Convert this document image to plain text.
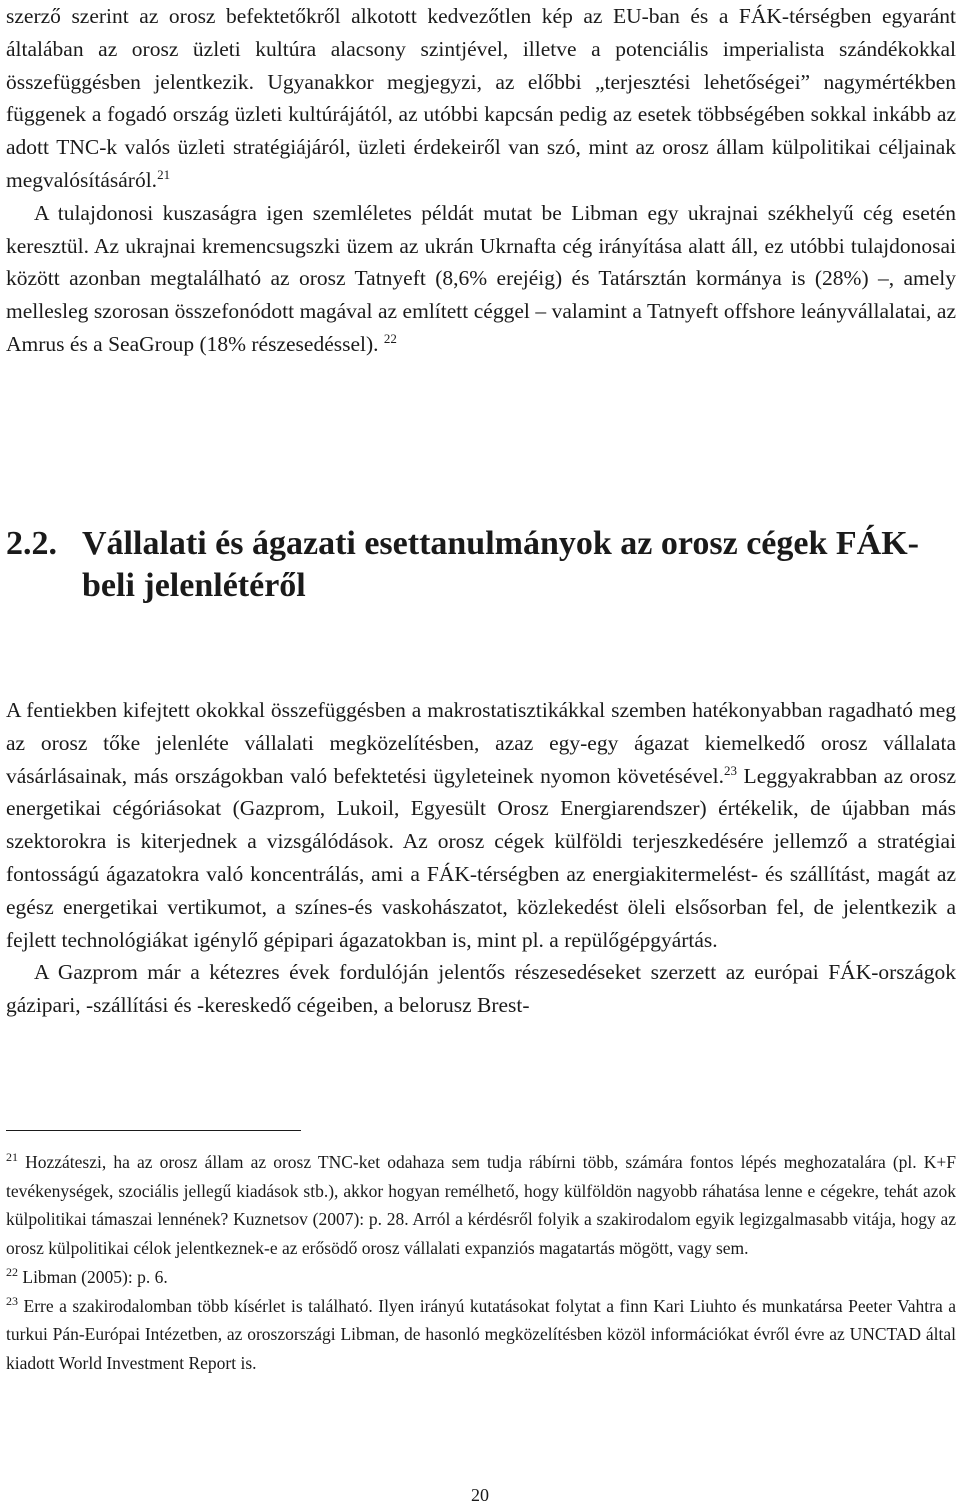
szerző szerint az orosz befektetőkről alkotott kedvezőtlen kép az EU-ban és a FÁK-térségben egyaránt általában az orosz üzleti kultúra alacsony szintjével, illetve a potenciális imperialista szándékokkal összefüggésben jelentkezik. Ugyanakkor megjegyzi, az előbbi „terjesztési lehetőségei” nagymértékben függenek a fogadó ország üzleti kultúrájától, az utóbbi kapcsán pedig az esetek többségében sokkal inkább az adott TNC-k valós üzleti stratégiájáról, üzleti érdekeiről van szó, mint az orosz állam külpolitikai céljainak megvalósításáról.$^{21}$

A tulajdonosi kuszaságra igen szemléletes példát mutat be Libman egy ukrajnai székhelyű cég esetén keresztül. Az ukrajnai kremencsugszki üzem az ukrán Ukrnafta cég irányítása alatt áll, ez utóbbi tulajdonosai között azonban megtalálható az orosz Tatnyeft (8,6% erejéig) és Tatársztán kormánya is (28%) –, amely mellesleg szorosan összefonódott magával az említett céggel – valamint a Tatnyeft offshore leányvállalatai, az Amrus és a SeaGroup (18% részesedéssel). $^{22}$

2.2. Vállalati és ágazati esettanulmányok az orosz cégek FÁK-beli jelenlétéről

A fentiekben kifejtett okokkal összefüggésben a makrostatisztikákkal szemben hatékonyabban ragadható meg az orosz tőke jelenléte vállalati megközelítésben, azaz egy-egy ágazat kiemelkedő orosz vállalata vásárlásainak, más országokban való befektetési ügyleteinek nyomon követésével.$^{23}$ Leggyakrabban az orosz energetikai cégóriásokat (Gazprom, Lukoil, Egyesült Orosz Energiarendszer) értékelik, de újabban más szektorokra is kiterjednek a vizsgálódások. Az orosz cégek külföldi terjeszkedésére jellemző a stratégiai fontosságú ágazatokra való koncentrálás, ami a FÁK-térségben az energiakitermelést- és szállítást, magát az egész energetikai vertikumot, a színes-és vaskohászatot, közlekedést öleli elsősorban fel, de jelentkezik a fejlett technológiákat igénylő gépipari ágazatokban is, mint pl. a repülőgépgyártás.

A Gazprom már a kétezres évek fordulóján jelentős részesedéseket szerzett az európai FÁK-országok gázipari, -szállítási és -kereskedő cégeiben, a belorusz Brest-

$^{21}$ Hozzáteszi, ha az orosz állam az orosz TNC-ket odahaza sem tudja rábírni több, számára fontos lépés meghozatalára (pl. K+F tevékenységek, szociális jellegű kiadások stb.), akkor hogyan remélhető, hogy külföldön nagyobb ráhatása lenne e cégekre, tehát azok külpolitikai támaszai lennének? Kuznetsov (2007): p. 28. Arról a kérdésről folyik a szakirodalom egyik legizgalmasabb vitája, hogy az orosz külpolitikai célok jelentkeznek-e az erősödő orosz vállalati expanziós magatartás mögött, vagy sem.

$^{22}$ Libman (2005): p. 6.

$^{23}$ Erre a szakirodalomban több kísérlet is található. Ilyen irányú kutatásokat folytat a finn Kari Liuhto és munkatársa Peeter Vahtra a turkui Pán-Európai Intézetben, az oroszországi Libman, de hasonló megközelítésben közöl információkat évről évre az UNCTAD által kiadott World Investment Report is.

20
